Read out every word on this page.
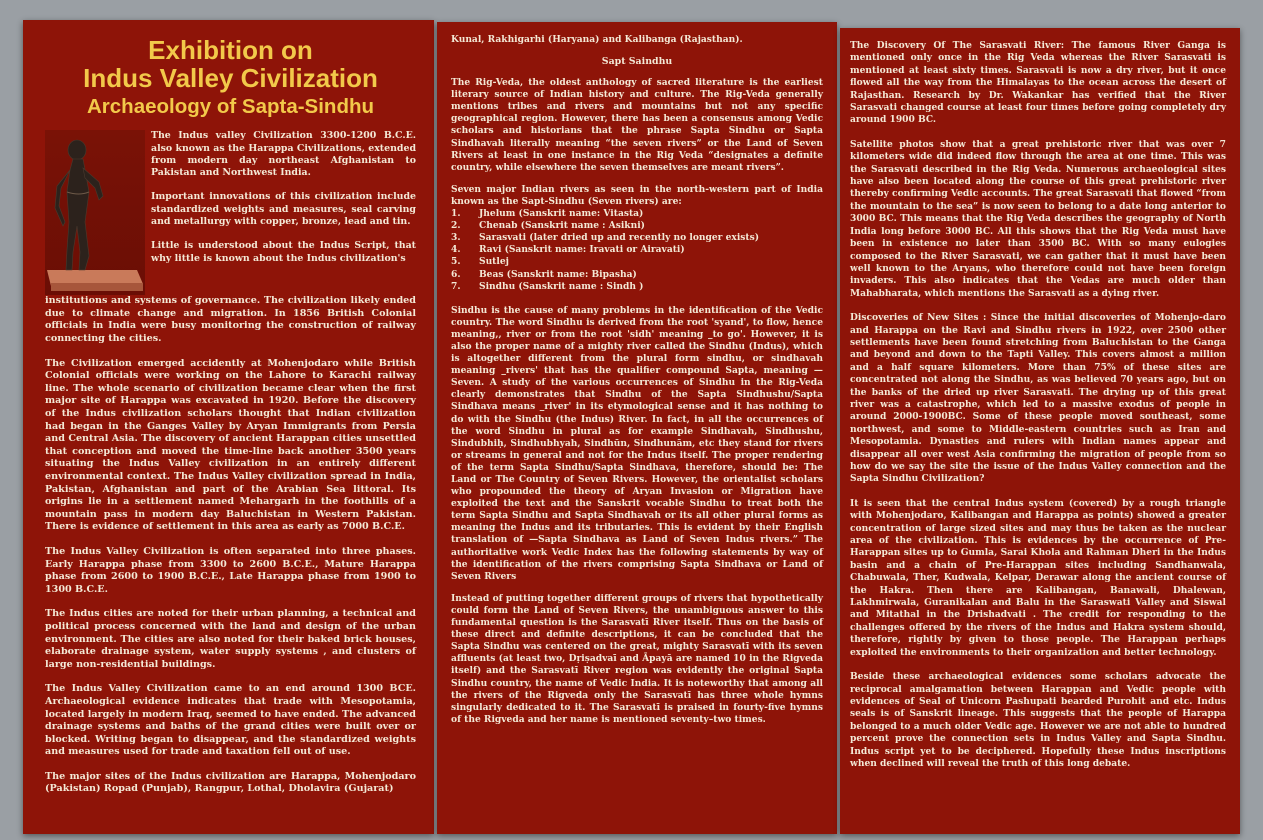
Exhibition on
Indus Valley Civilization
Archaeology of Sapta-Sindhu

The Indus valley Civilization 3300-1200 B.C.E. also known as the Harappa Civilizations, extended from modern day northeast Afghanistan to Pakistan and Northwest India.

Important innovations of this civilization include standardized weights and measures, seal carving and metallurgy with copper, bronze, lead and tin.

Little is understood about the Indus Script, that why little is known about the Indus civilization's

institutions and systems of governance. The civilization likely ended due to climate change and migration. In 1856 British Colonial officials in India were busy monitoring the construction of railway connecting the cities.

The Civilization emerged accidently at Mohenjodaro while British Colonial officials were working on the Lahore to Karachi railway line. The whole scenario of civilization became clear when the first major site of Harappa was excavated in 1920. Before the discovery of the Indus civilization scholars thought that Indian civilization had began in the Ganges Valley by Aryan Immigrants from Persia and Central Asia. The discovery of ancient Harappan cities unsettled that conception and moved the time-line back another 3500 years situating the Indus Valley civilization in an entirely different environmental context. The Indus Valley civilization spread in India, Pakistan, Afghanistan and part of the Arabian Sea littoral. Its origins lie in a settlement named Mehargarh in the foothills of a mountain pass in modern day Baluchistan in Western Pakistan. There is evidence of settlement in this area as early as 7000 B.C.E.

The Indus Valley Civilization is often separated into three phases. Early Harappa phase from 3300 to 2600 B.C.E., Mature Harappa phase from 2600 to 1900 B.C.E., Late Harappa phase from 1900 to 1300 B.C.E.

The Indus cities are noted for their urban planning, a technical and political process concerned with the land and design of the urban environment. The cities are also noted for their baked brick houses, elaborate drainage system, water supply systems , and clusters of large non-residential buildings.

The Indus Valley Civilization came to an end around 1300 BCE. Archaeological evidence indicates that trade with Mesopotamia, located largely in modern Iraq, seemed to have ended. The advanced drainage systems and baths of the grand cities were built over or blocked. Writing began to disappear, and the standardized weights and measures used for trade and taxation fell out of use.

The major sites of the Indus civilization are Harappa, Mohenjodaro (Pakistan) Ropad (Punjab), Rangpur, Lothal, Dholavira (Gujarat)

Kunal, Rakhigarhi (Haryana) and Kalibanga (Rajasthan).

Sapt Saindhu

The Rig-Veda, the oldest anthology of sacred literature is the earliest literary source of Indian history and culture. The Rig-Veda generally mentions tribes and rivers and mountains but not any specific geographical region. However, there has been a consensus among Vedic scholars and historians that the phrase Sapta Sindhu or Sapta Sindhavah literally meaning “the seven rivers” or the Land of Seven Rivers at least in one instance in the Rig Veda “designates a definite country, while elsewhere the seven themselves are meant rivers”.

Seven major Indian rivers as seen in the north-western part of India known as the Sapt-Sindhu (Seven rivers) are:

1.	Jhelum (Sanskrit name: Vitasta)
2.	Chenab (Sanskrit name : Asikni)
3.	Sarasvati (later dried up and recently no longer exists)
4.	Ravi (Sanskrit name: Iravati or Airavati)
5.	Sutlej
6.	Beas (Sanskrit name: Bipasha)
7.	Sindhu (Sanskrit name : Sindh )

Sindhu is the cause of many problems in the identification of the Vedic country. The word Sindhu is derived from the root 'syand', to flow, hence meaning,, river or from the root 'sidh' meaning _to go'. However, it is also the proper name of a mighty river called the Sindhu (Indus), which is altogether different from the plural form sindhu, or sindhavah meaning _rivers' that has the qualifier compound Sapta, meaning —Seven. A study of the various occurrences of Sindhu in the Rig-Veda clearly demonstrates that Sindhu of the Sapta Sindhushu/Sapta Sindhava means _river' in its etymological sense and it has nothing to do with the Sindhu (the Indus) River. In fact, in all the occurrences of the word Sindhu in plural as for example Sindhavah, Sindhushu, Sindubhiḥ, Sindhubhyah, Sindhūn, Sindhunām, etc they stand for rivers or streams in general and not for the Indus itself. The proper rendering of the term Sapta Sindhu/Sapta Sindhava, therefore, should be: The Land or The Country of Seven Rivers. However, the orientalist scholars who propounded the theory of Aryan Invasion or Migration have exploited the text and the Sanskrit vocable Sindhu to treat both the term Sapta Sindhu and Sapta Sindhavah or its all other plural forms as meaning the Indus and its tributaries. This is evident by their English translation of —Sapta Sindhava as Land of Seven Indus rivers.” The authoritative work Vedic Index has the following statements by way of the identification of the rivers comprising Sapta Sindhava or Land of Seven Rivers

Instead of putting together different groups of rivers that hypothetically could form the Land of Seven Rivers, the unambiguous answer to this fundamental question is the Sarasvatī River itself. Thus on the basis of these direct and definite descriptions, it can be concluded that the Sapta Sindhu was centered on the great, mighty Sarasvatī with its seven affluents (at least two, Dṛiṣadvaī and Āpayā are named 10 in the Rigveda itself) and the Sarasvatī River region was evidently the original Sapta Sindhu country, the name of Vedic India. It is noteworthy that among all the rivers of the Rigveda only the Sarasvatī has three whole hymns singularly dedicated to it. The Sarasvatī is praised in fourty-five hymns of the Rigveda and her name is mentioned seventy–two times.

The Discovery Of The Sarasvati River: The famous River Ganga is mentioned only once in the Rig Veda whereas the River Sarasvati is mentioned at least sixty times. Sarasvati is now a dry river, but it once flowed all the way from the Himalayas to the ocean across the desert of Rajasthan. Research by Dr. Wakankar has verified that the River Sarasvati changed course at least four times before going completely dry around 1900 BC.

Satellite photos show that a great prehistoric river that was over 7 kilometers wide did indeed flow through the area at one time. This was the Sarasvati described in the Rig Veda. Numerous archaeological sites have also been located along the course of this great prehistoric river thereby confirming Vedic accounts. The great Sarasvati that flowed “from the mountain to the sea” is now seen to belong to a date long anterior to 3000 BC. This means that the Rig Veda describes the geography of North India long before 3000 BC. All this shows that the Rig Veda must have been in existence no later than 3500 BC. With so many eulogies composed to the River Sarasvati, we can gather that it must have been well known to the Aryans, who therefore could not have been foreign invaders. This also indicates that the Vedas are much older than Mahabharata, which mentions the Sarasvati as a dying river.

Discoveries of New Sites : Since the initial discoveries of Mohenjo-daro and Harappa on the Ravi and Sindhu rivers in 1922, over 2500 other settlements have been found stretching from Baluchistan to the Ganga and beyond and down to the Tapti Valley. This covers almost a million and a half square kilometers. More than 75% of these sites are concentrated not along the Sindhu, as was believed 70 years ago, but on the banks of the dried up river Sarasvati. The drying up of this great river was a catastrophe, which led to a massive exodus of people in around 2000-1900BC. Some of these people moved southeast, some northwest, and some to Middle-eastern countries such as Iran and Mesopotamia. Dynasties and rulers with Indian names appear and disappear all over west Asia confirming the migration of people from so how do we say the site the issue of the Indus Valley connection and the Sapta Sindhu Civilization?

It is seen that the central Indus system (covered) by a rough triangle with Mohenjodaro, Kalibangan and Harappa as points) showed a greater concentration of large sized sites and may thus be taken as the nuclear area of the civilization. This is evidences by the occurrence of Pre-Harappan sites up to Gumla, Sarai Khola and Rahman Dheri in the Indus basin and a chain of Pre-Harappan sites including Sandhanwala, Chabuwala, Ther, Kudwala, Kelpar, Derawar along the ancient course of the Hakra. Then there are Kalibangan, Banawali, Dhalewan, Lakhmirwala, Guranikalan and Balu in the Saraswati Valley and Siswal and Mitathal in the Drishadvati . The credit for responding to the challenges offered by the rivers of the Indus and Hakra system should, therefore, rightly by given to those people. The Harappan perhaps exploited the environments to their organization and better technology.

Beside these archaeological evidences some scholars advocate the reciprocal amalgamation between Harappan and Vedic people with evidences of Seal of Unicorn Pashupati bearded Purohit and etc. Indus seals is of Sanskrit lineage. This suggests that the people of Harappa belonged to a much older Vedic age. However we are not able to hundred percent prove the connection sets in Indus Valley and Sapta Sindhu. Indus script yet to be deciphered. Hopefully these Indus inscriptions when declined will reveal the truth of this long debate.
